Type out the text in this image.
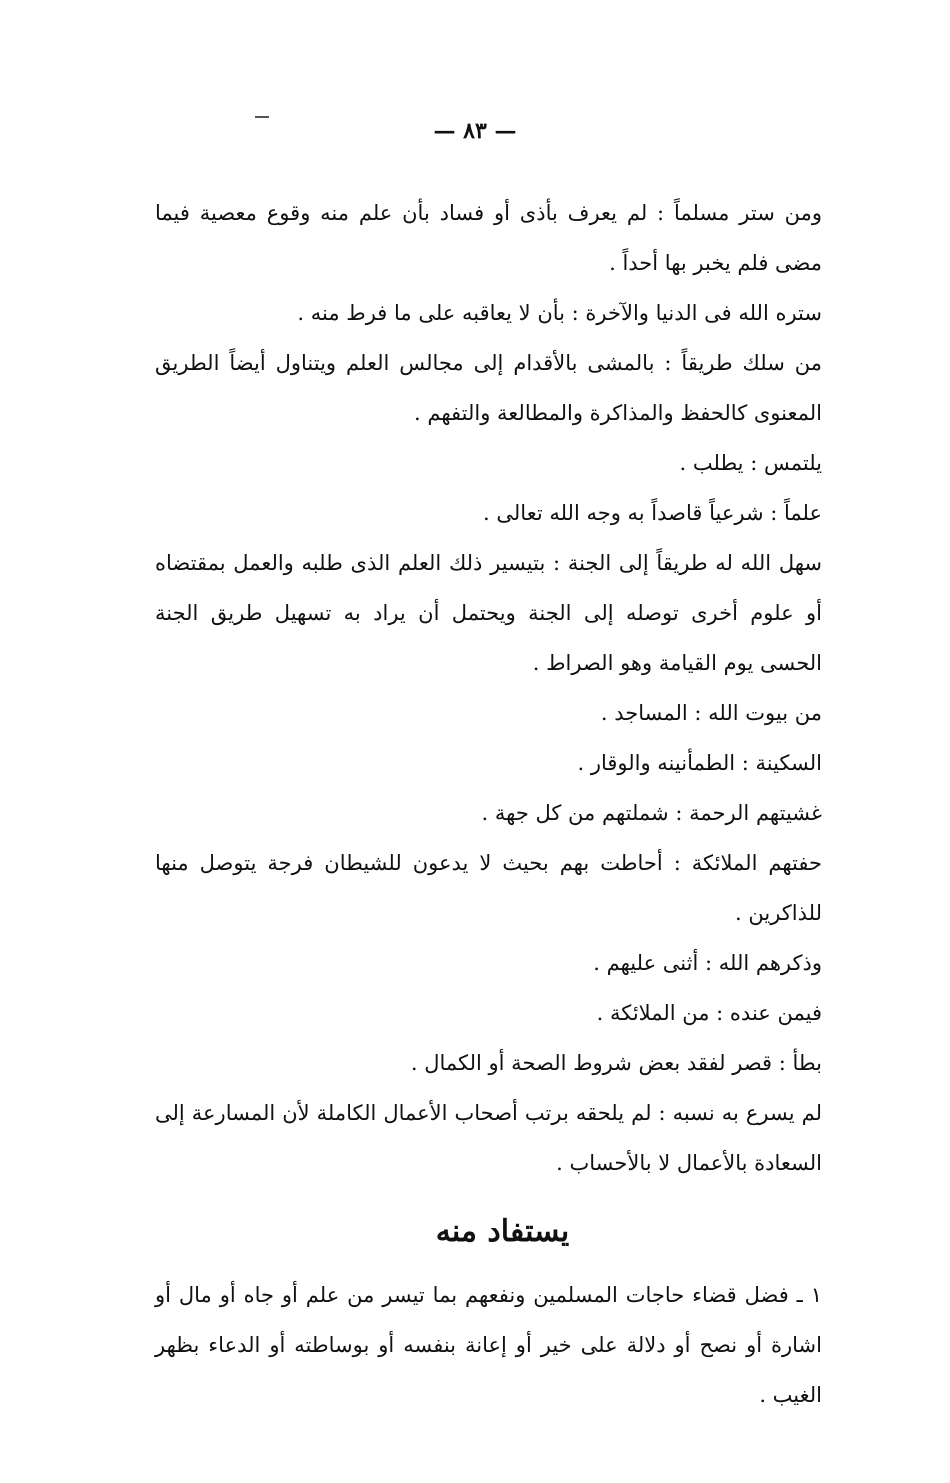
— ٨٣ —

ومن ستر مسلماً : لم يعرف بأذى أو فساد بأن علم منه وقوع معصية فيما مضى فلم يخبر بها أحداً .

ستره الله فى الدنيا والآخرة : بأن لا يعاقبه على ما فرط منه .

من سلك طريقاً : بالمشى بالأقدام إلى مجالس العلم ويتناول أيضاً الطريق المعنوى كالحفظ والمذاكرة والمطالعة والتفهم .

يلتمس : يطلب .

علماً : شرعياً قاصداً به وجه الله تعالى .

سهل الله له طريقاً إلى الجنة : بتيسير ذلك العلم الذى طلبه والعمل بمقتضاه أو علوم أخرى توصله إلى الجنة ويحتمل أن يراد به تسهيل طريق الجنة الحسى يوم القيامة وهو الصراط .

من بيوت الله : المساجد .

السكينة : الطمأنينه والوقار .

غشيتهم الرحمة : شملتهم من كل جهة .

حفتهم الملائكة : أحاطت بهم بحيث لا يدعون للشيطان فرجة يتوصل منها للذاكرين .

وذكرهم الله : أثنى عليهم .

فيمن عنده : من الملائكة .

بطأ : قصر لفقد بعض شروط الصحة أو الكمال .

لم يسرع به نسبه : لم يلحقه برتب أصحاب الأعمال الكاملة لأن المسارعة إلى السعادة بالأعمال لا بالأحساب .

يستفاد منه

١ ـ فضل قضاء حاجات المسلمين ونفعهم بما تيسر من علم أو جاه أو مال أو اشارة أو نصح أو دلالة على خير أو إعانة بنفسه أو بوساطته أو الدعاء بظهر الغيب .
